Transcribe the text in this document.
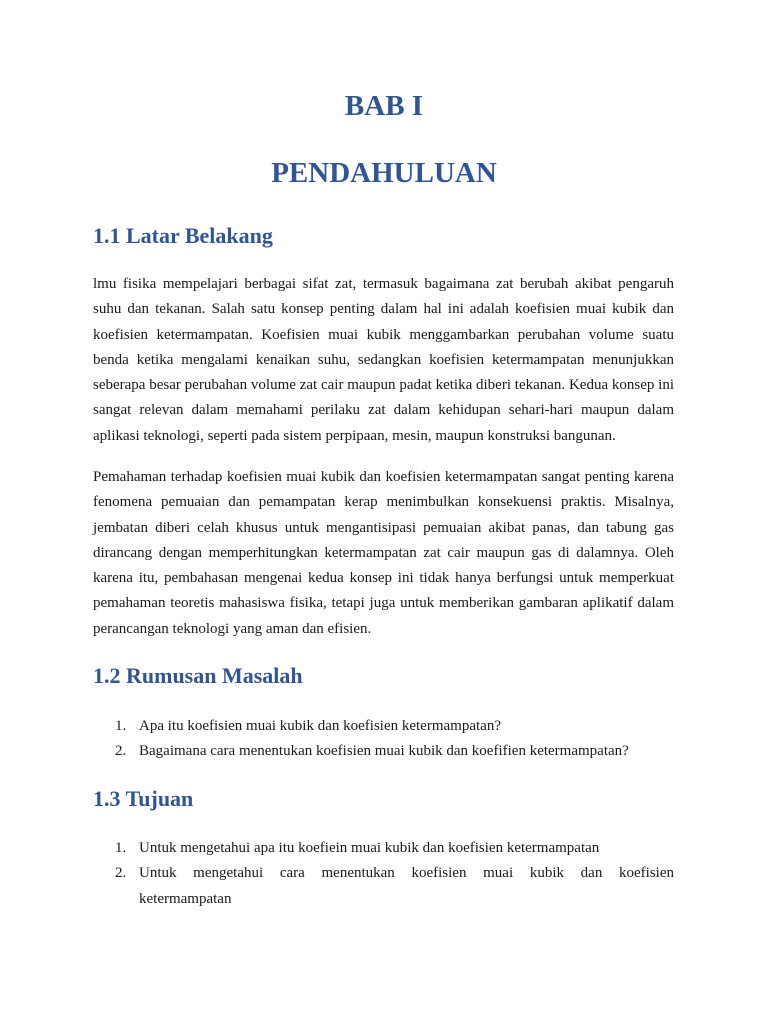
BAB I
PENDAHULUAN
1.1 Latar Belakang

lmu fisika mempelajari berbagai sifat zat, termasuk bagaimana zat berubah akibat pengaruh suhu dan tekanan. Salah satu konsep penting dalam hal ini adalah koefisien muai kubik dan koefisien ketermampatan. Koefisien muai kubik menggambarkan perubahan volume suatu benda ketika mengalami kenaikan suhu, sedangkan koefisien ketermampatan menunjukkan seberapa besar perubahan volume zat cair maupun padat ketika diberi tekanan. Kedua konsep ini sangat relevan dalam memahami perilaku zat dalam kehidupan sehari-hari maupun dalam aplikasi teknologi, seperti pada sistem perpipaan, mesin, maupun konstruksi bangunan.

Pemahaman terhadap koefisien muai kubik dan koefisien ketermampatan sangat penting karena fenomena pemuaian dan pemampatan kerap menimbulkan konsekuensi praktis. Misalnya, jembatan diberi celah khusus untuk mengantisipasi pemuaian akibat panas, dan tabung gas dirancang dengan memperhitungkan ketermampatan zat cair maupun gas di dalamnya. Oleh karena itu, pembahasan mengenai kedua konsep ini tidak hanya berfungsi untuk memperkuat pemahaman teoretis mahasiswa fisika, tetapi juga untuk memberikan gambaran aplikatif dalam perancangan teknologi yang aman dan efisien.

1.2 Rumusan Masalah
1. Apa itu koefisien muai kubik dan koefisien ketermampatan?
2. Bagaimana cara menentukan koefisien muai kubik dan koefifien ketermampatan?
1.3 Tujuan
1. Untuk mengetahui apa itu koefiein muai kubik dan koefisien ketermampatan
2. Untuk mengetahui cara menentukan koefisien muai kubik dan koefisien
ketermampatan
